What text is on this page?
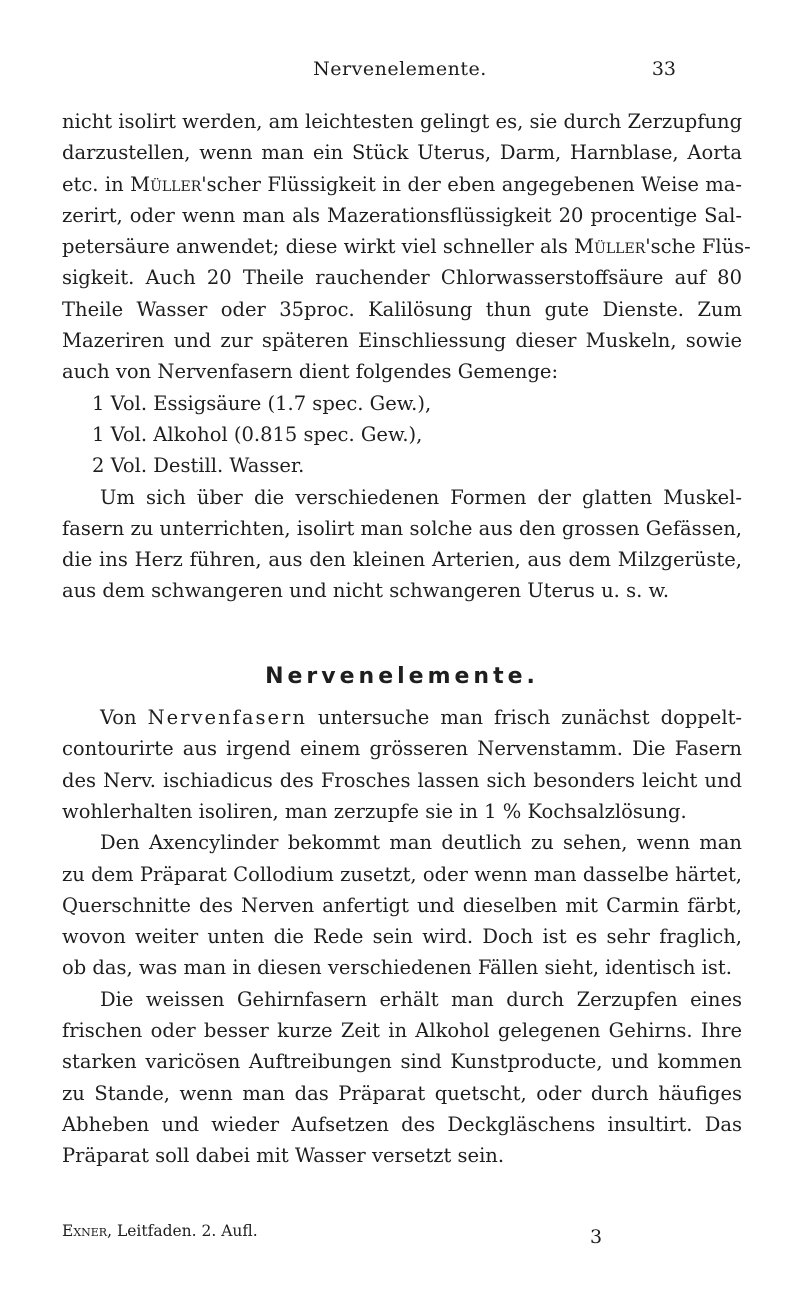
Nervenelemente.	33
nicht isolirt werden, am leichtesten gelingt es, sie durch Zerzupfung
darzustellen, wenn man ein Stück Uterus, Darm, Harnblase, Aorta
etc. in Müller'scher Flüssigkeit in der eben angegebenen Weise ma-
zerirt, oder wenn man als Mazerationsflüssigkeit 20 procentige Sal-
petersäure anwendet; diese wirkt viel schneller als Müller'sche Flüs-
sigkeit. Auch 20 Theile rauchender Chlorwasserstoffsäure auf 80
Theile Wasser oder 35proc. Kalilösung thun gute Dienste. Zum
Mazeriren und zur späteren Einschliessung dieser Muskeln, sowie
auch von Nervenfasern dient folgendes Gemenge:
1 Vol. Essigsäure (1.7 spec. Gew.),
1 Vol. Alkohol (0.815 spec. Gew.),
2 Vol. Destill. Wasser.
Um sich über die verschiedenen Formen der glatten Muskel-
fasern zu unterrichten, isolirt man solche aus den grossen Gefässen,
die ins Herz führen, aus den kleinen Arterien, aus dem Milzgerüste,
aus dem schwangeren und nicht schwangeren Uterus u. s. w.
Nervenelemente.
Von Nervenfasern untersuche man frisch zunächst doppelt-
contourirte aus irgend einem grösseren Nervenstamm. Die Fasern
des Nerv. ischiadicus des Frosches lassen sich besonders leicht und
wohlerhalten isoliren, man zerzupfe sie in 1 % Kochsalzlösung.
Den Axencylinder bekommt man deutlich zu sehen, wenn man
zu dem Präparat Collodium zusetzt, oder wenn man dasselbe härtet,
Querschnitte des Nerven anfertigt und dieselben mit Carmin färbt,
wovon weiter unten die Rede sein wird. Doch ist es sehr fraglich,
ob das, was man in diesen verschiedenen Fällen sieht, identisch ist.
Die weissen Gehirnfasern erhält man durch Zerzupfen eines
frischen oder besser kurze Zeit in Alkohol gelegenen Gehirns. Ihre
starken varicösen Auftreibungen sind Kunstproducte, und kommen
zu Stande, wenn man das Präparat quetscht, oder durch häufiges
Abheben und wieder Aufsetzen des Deckgläschens insultirt. Das
Präparat soll dabei mit Wasser versetzt sein.
Exner, Leitfaden. 2. Aufl.	3
